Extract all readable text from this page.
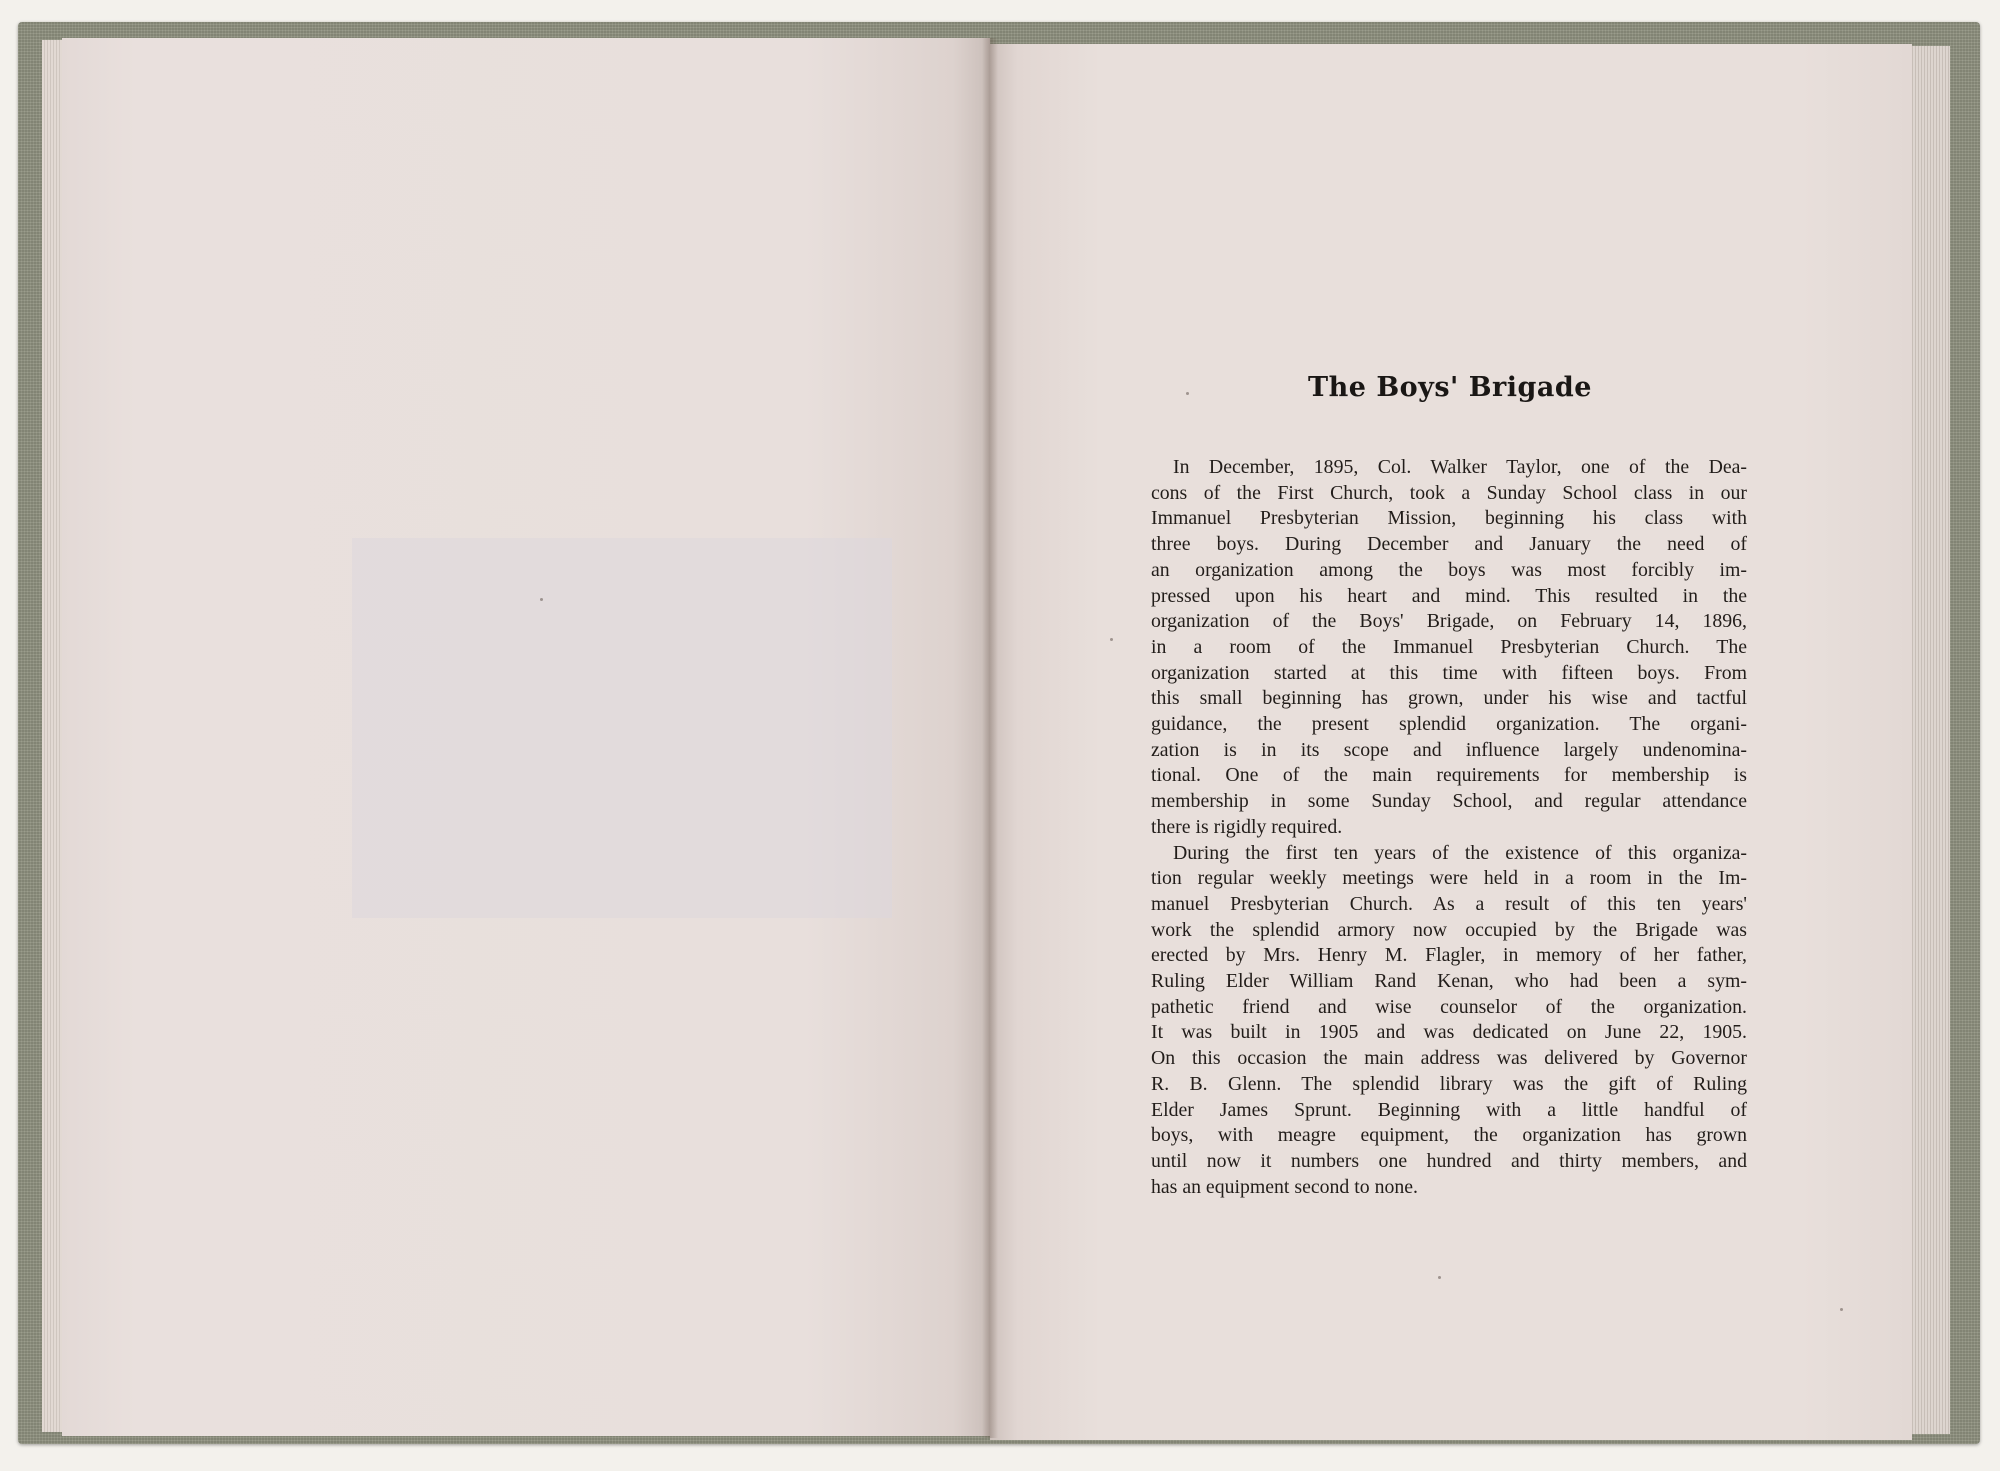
The Boys' Brigade
In December, 1895, Col. Walker Taylor, one of the Dea-
cons of the First Church, took a Sunday School class in our
Immanuel Presbyterian Mission, beginning his class with
three boys. During December and January the need of
an organization among the boys was most forcibly im-
pressed upon his heart and mind. This resulted in the
organization of the Boys' Brigade, on February 14, 1896,
in a room of the Immanuel Presbyterian Church. The
organization started at this time with fifteen boys. From
this small beginning has grown, under his wise and tactful
guidance, the present splendid organization. The organi-
zation is in its scope and influence largely undenomina-
tional. One of the main requirements for membership is
membership in some Sunday School, and regular attendance
there is rigidly required.
During the first ten years of the existence of this organiza-
tion regular weekly meetings were held in a room in the Im-
manuel Presbyterian Church. As a result of this ten years'
work the splendid armory now occupied by the Brigade was
erected by Mrs. Henry M. Flagler, in memory of her father,
Ruling Elder William Rand Kenan, who had been a sym-
pathetic friend and wise counselor of the organization.
It was built in 1905 and was dedicated on June 22, 1905.
On this occasion the main address was delivered by Governor
R. B. Glenn. The splendid library was the gift of Ruling
Elder James Sprunt. Beginning with a little handful of
boys, with meagre equipment, the organization has grown
until now it numbers one hundred and thirty members, and
has an equipment second to none.
